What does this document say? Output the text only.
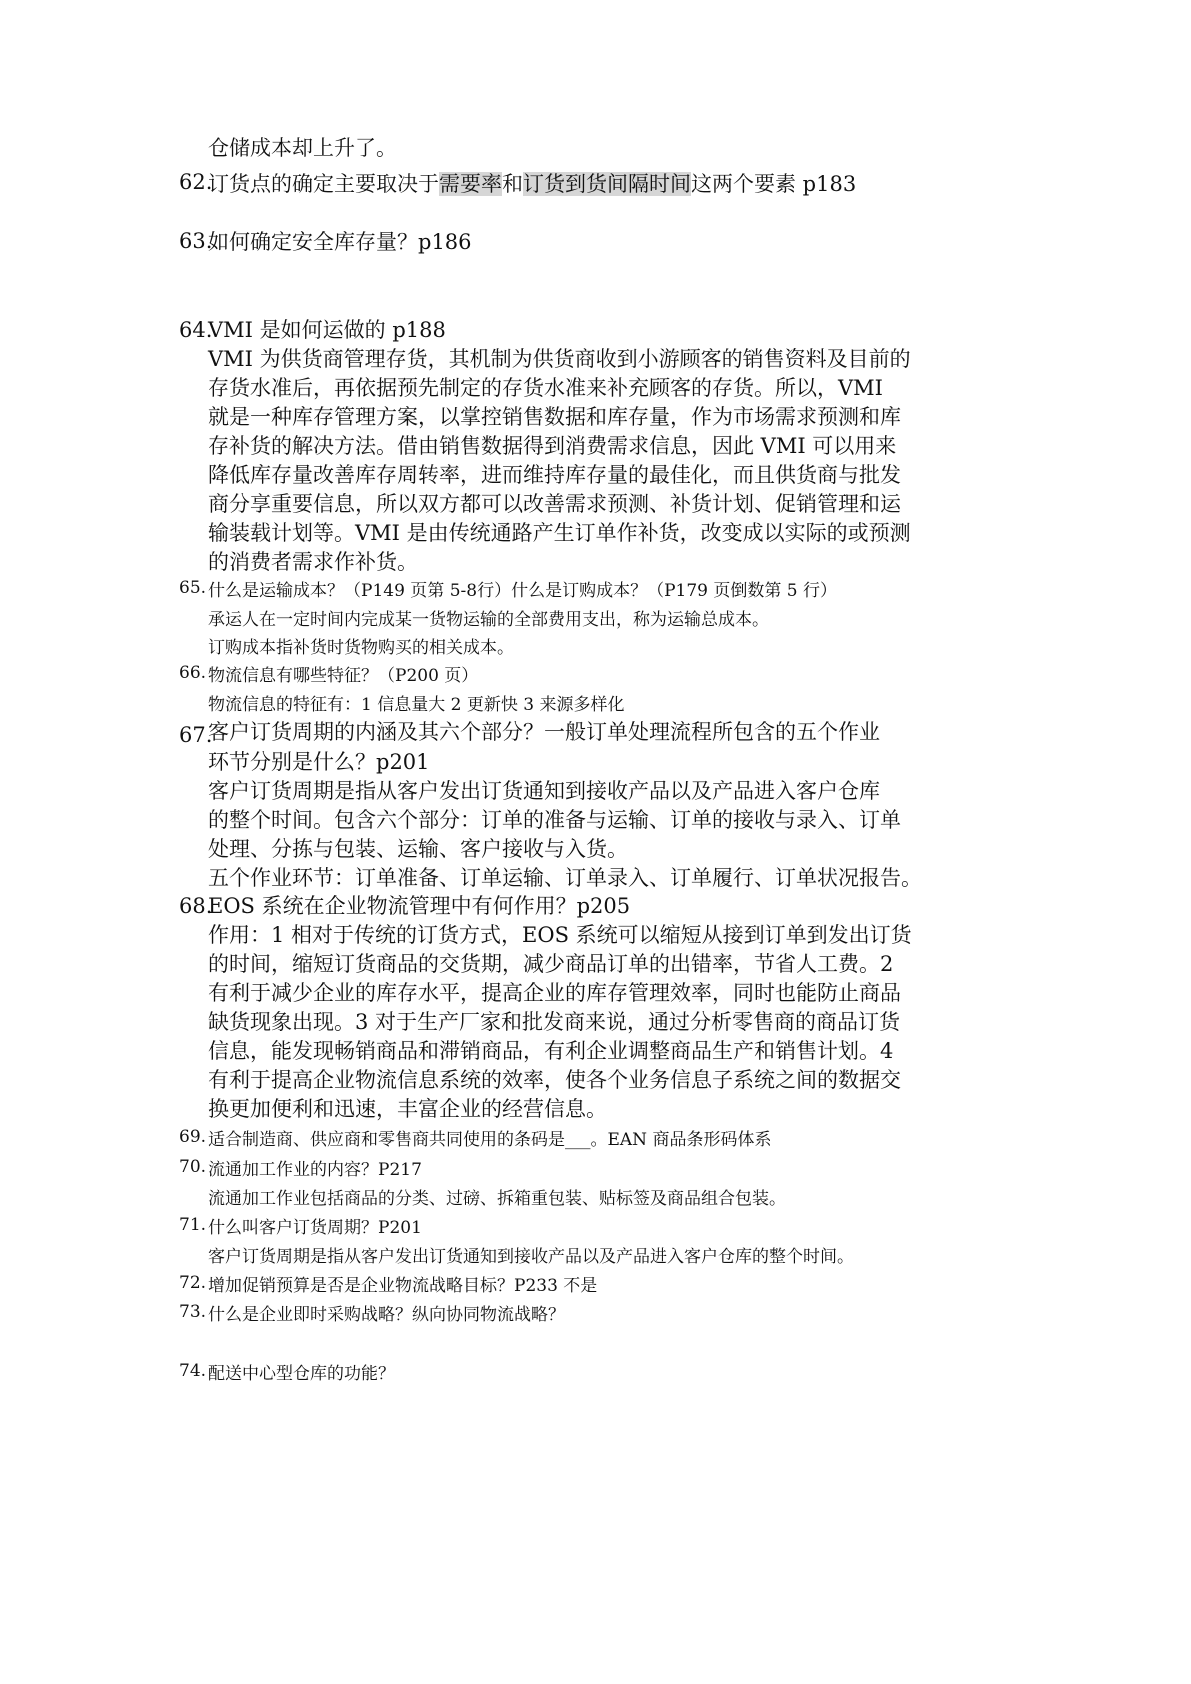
仓储成本却上升了。
62.
订货点的确定主要取决于需要率和订货到货间隔时间这两个要素 p183
63.
如何确定安全库存量？p186
64.
VMI 是如何运做的 p188
VMI 为供货商管理存货，其机制为供货商收到小游顾客的销售资料及目前的
存货水准后，再依据预先制定的存货水准来补充顾客的存货。所以，VMI
就是一种库存管理方案，以掌控销售数据和库存量，作为市场需求预测和库
存补货的解决方法。借由销售数据得到消费需求信息，因此 VMI 可以用来
降低库存量改善库存周转率，进而维持库存量的最佳化，而且供货商与批发
商分享重要信息，所以双方都可以改善需求预测、补货计划、促销管理和运
输装载计划等。VMI 是由传统通路产生订单作补货，改变成以实际的或预测
的消费者需求作补货。
65. 什么是运输成本？（P149 页第 5-8行）什么是订购成本？（P179 页倒数第 5 行）
承运人在一定时间内完成某一货物运输的全部费用支出，称为运输总成本。
订购成本指补货时货物购买的相关成本。
66. 物流信息有哪些特征？（P200 页）
物流信息的特征有：1 信息量大 2 更新快 3 来源多样化
67.
客户订货周期的内涵及其六个部分？一般订单处理流程所包含的五个作业
环节分别是什么？p201
客户订货周期是指从客户发出订货通知到接收产品以及产品进入客户仓库
的整个时间。包含六个部分：订单的准备与运输、订单的接收与录入、订单
处理、分拣与包装、运输、客户接收与入货。
五个作业环节：订单准备、订单运输、订单录入、订单履行、订单状况报告。
68.
EOS 系统在企业物流管理中有何作用？p205
作用：1 相对于传统的订货方式，EOS 系统可以缩短从接到订单到发出订货
的时间，缩短订货商品的交货期，减少商品订单的出错率，节省人工费。2
有利于减少企业的库存水平，提高企业的库存管理效率，同时也能防止商品
缺货现象出现。3 对于生产厂家和批发商来说，通过分析零售商的商品订货
信息，能发现畅销商品和滞销商品，有利企业调整商品生产和销售计划。4
有利于提高企业物流信息系统的效率，使各个业务信息子系统之间的数据交
换更加便利和迅速，丰富企业的经营信息。
69. 适合制造商、供应商和零售商共同使用的条码是___。EAN 商品条形码体系
70. 流通加工作业的内容？P217
流通加工作业包括商品的分类、过磅、拆箱重包装、贴标签及商品组合包装。
71. 什么叫客户订货周期？P201
客户订货周期是指从客户发出订货通知到接收产品以及产品进入客户仓库的整个时间。
72. 增加促销预算是否是企业物流战略目标？P233 不是
73. 什么是企业即时采购战略？纵向协同物流战略？
74. 配送中心型仓库的功能？
